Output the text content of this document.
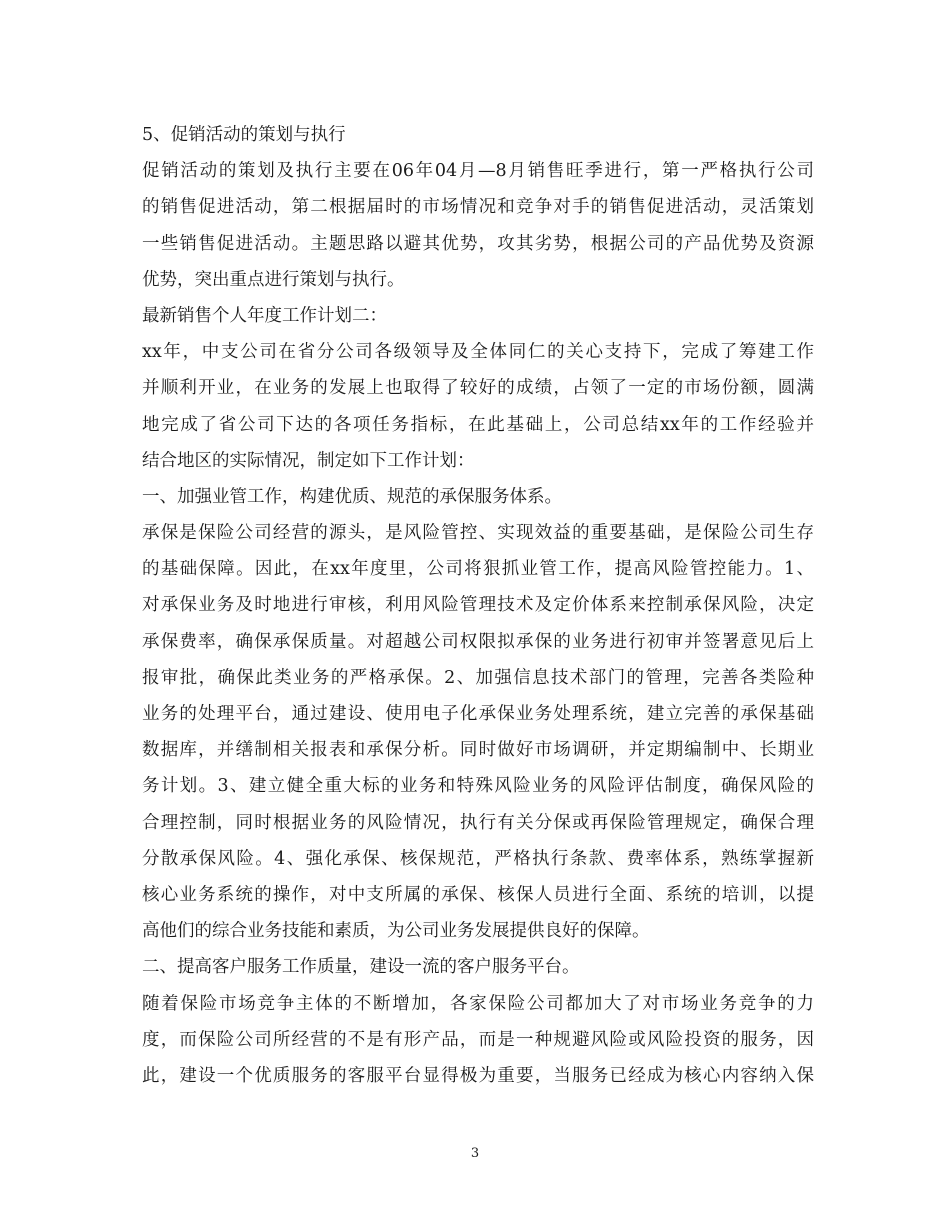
5、促销活动的策划与执行
促销活动的策划及执行主要在06年04月—8月销售旺季进行，第一严格执行公司
的销售促进活动，第二根据届时的市场情况和竞争对手的销售促进活动，灵活策划
一些销售促进活动。主题思路以避其优势，攻其劣势，根据公司的产品优势及资源
优势，突出重点进行策划与执行。
最新销售个人年度工作计划二：
xx年，中支公司在省分公司各级领导及全体同仁的关心支持下，完成了筹建工作
并顺利开业，在业务的发展上也取得了较好的成绩，占领了一定的市场份额，圆满
地完成了省公司下达的各项任务指标，在此基础上，公司总结xx年的工作经验并
结合地区的实际情况，制定如下工作计划：
一、加强业管工作，构建优质、规范的承保服务体系。
承保是保险公司经营的源头，是风险管控、实现效益的重要基础，是保险公司生存
的基础保障。因此，在xx年度里，公司将狠抓业管工作，提高风险管控能力。1、
对承保业务及时地进行审核，利用风险管理技术及定价体系来控制承保风险，决定
承保费率，确保承保质量。对超越公司权限拟承保的业务进行初审并签署意见后上
报审批，确保此类业务的严格承保。2、加强信息技术部门的管理，完善各类险种
业务的处理平台，通过建设、使用电子化承保业务处理系统，建立完善的承保基础
数据库，并缮制相关报表和承保分析。同时做好市场调研，并定期编制中、长期业
务计划。3、建立健全重大标的业务和特殊风险业务的风险评估制度，确保风险的
合理控制，同时根据业务的风险情况，执行有关分保或再保险管理规定，确保合理
分散承保风险。4、强化承保、核保规范，严格执行条款、费率体系，熟练掌握新
核心业务系统的操作，对中支所属的承保、核保人员进行全面、系统的培训，以提
高他们的综合业务技能和素质，为公司业务发展提供良好的保障。
二、提高客户服务工作质量，建设一流的客户服务平台。
随着保险市场竞争主体的不断增加，各家保险公司都加大了对市场业务竞争的力
度，而保险公司所经营的不是有形产品，而是一种规避风险或风险投资的服务，因
此，建设一个优质服务的客服平台显得极为重要，当服务已经成为核心内容纳入保
3
